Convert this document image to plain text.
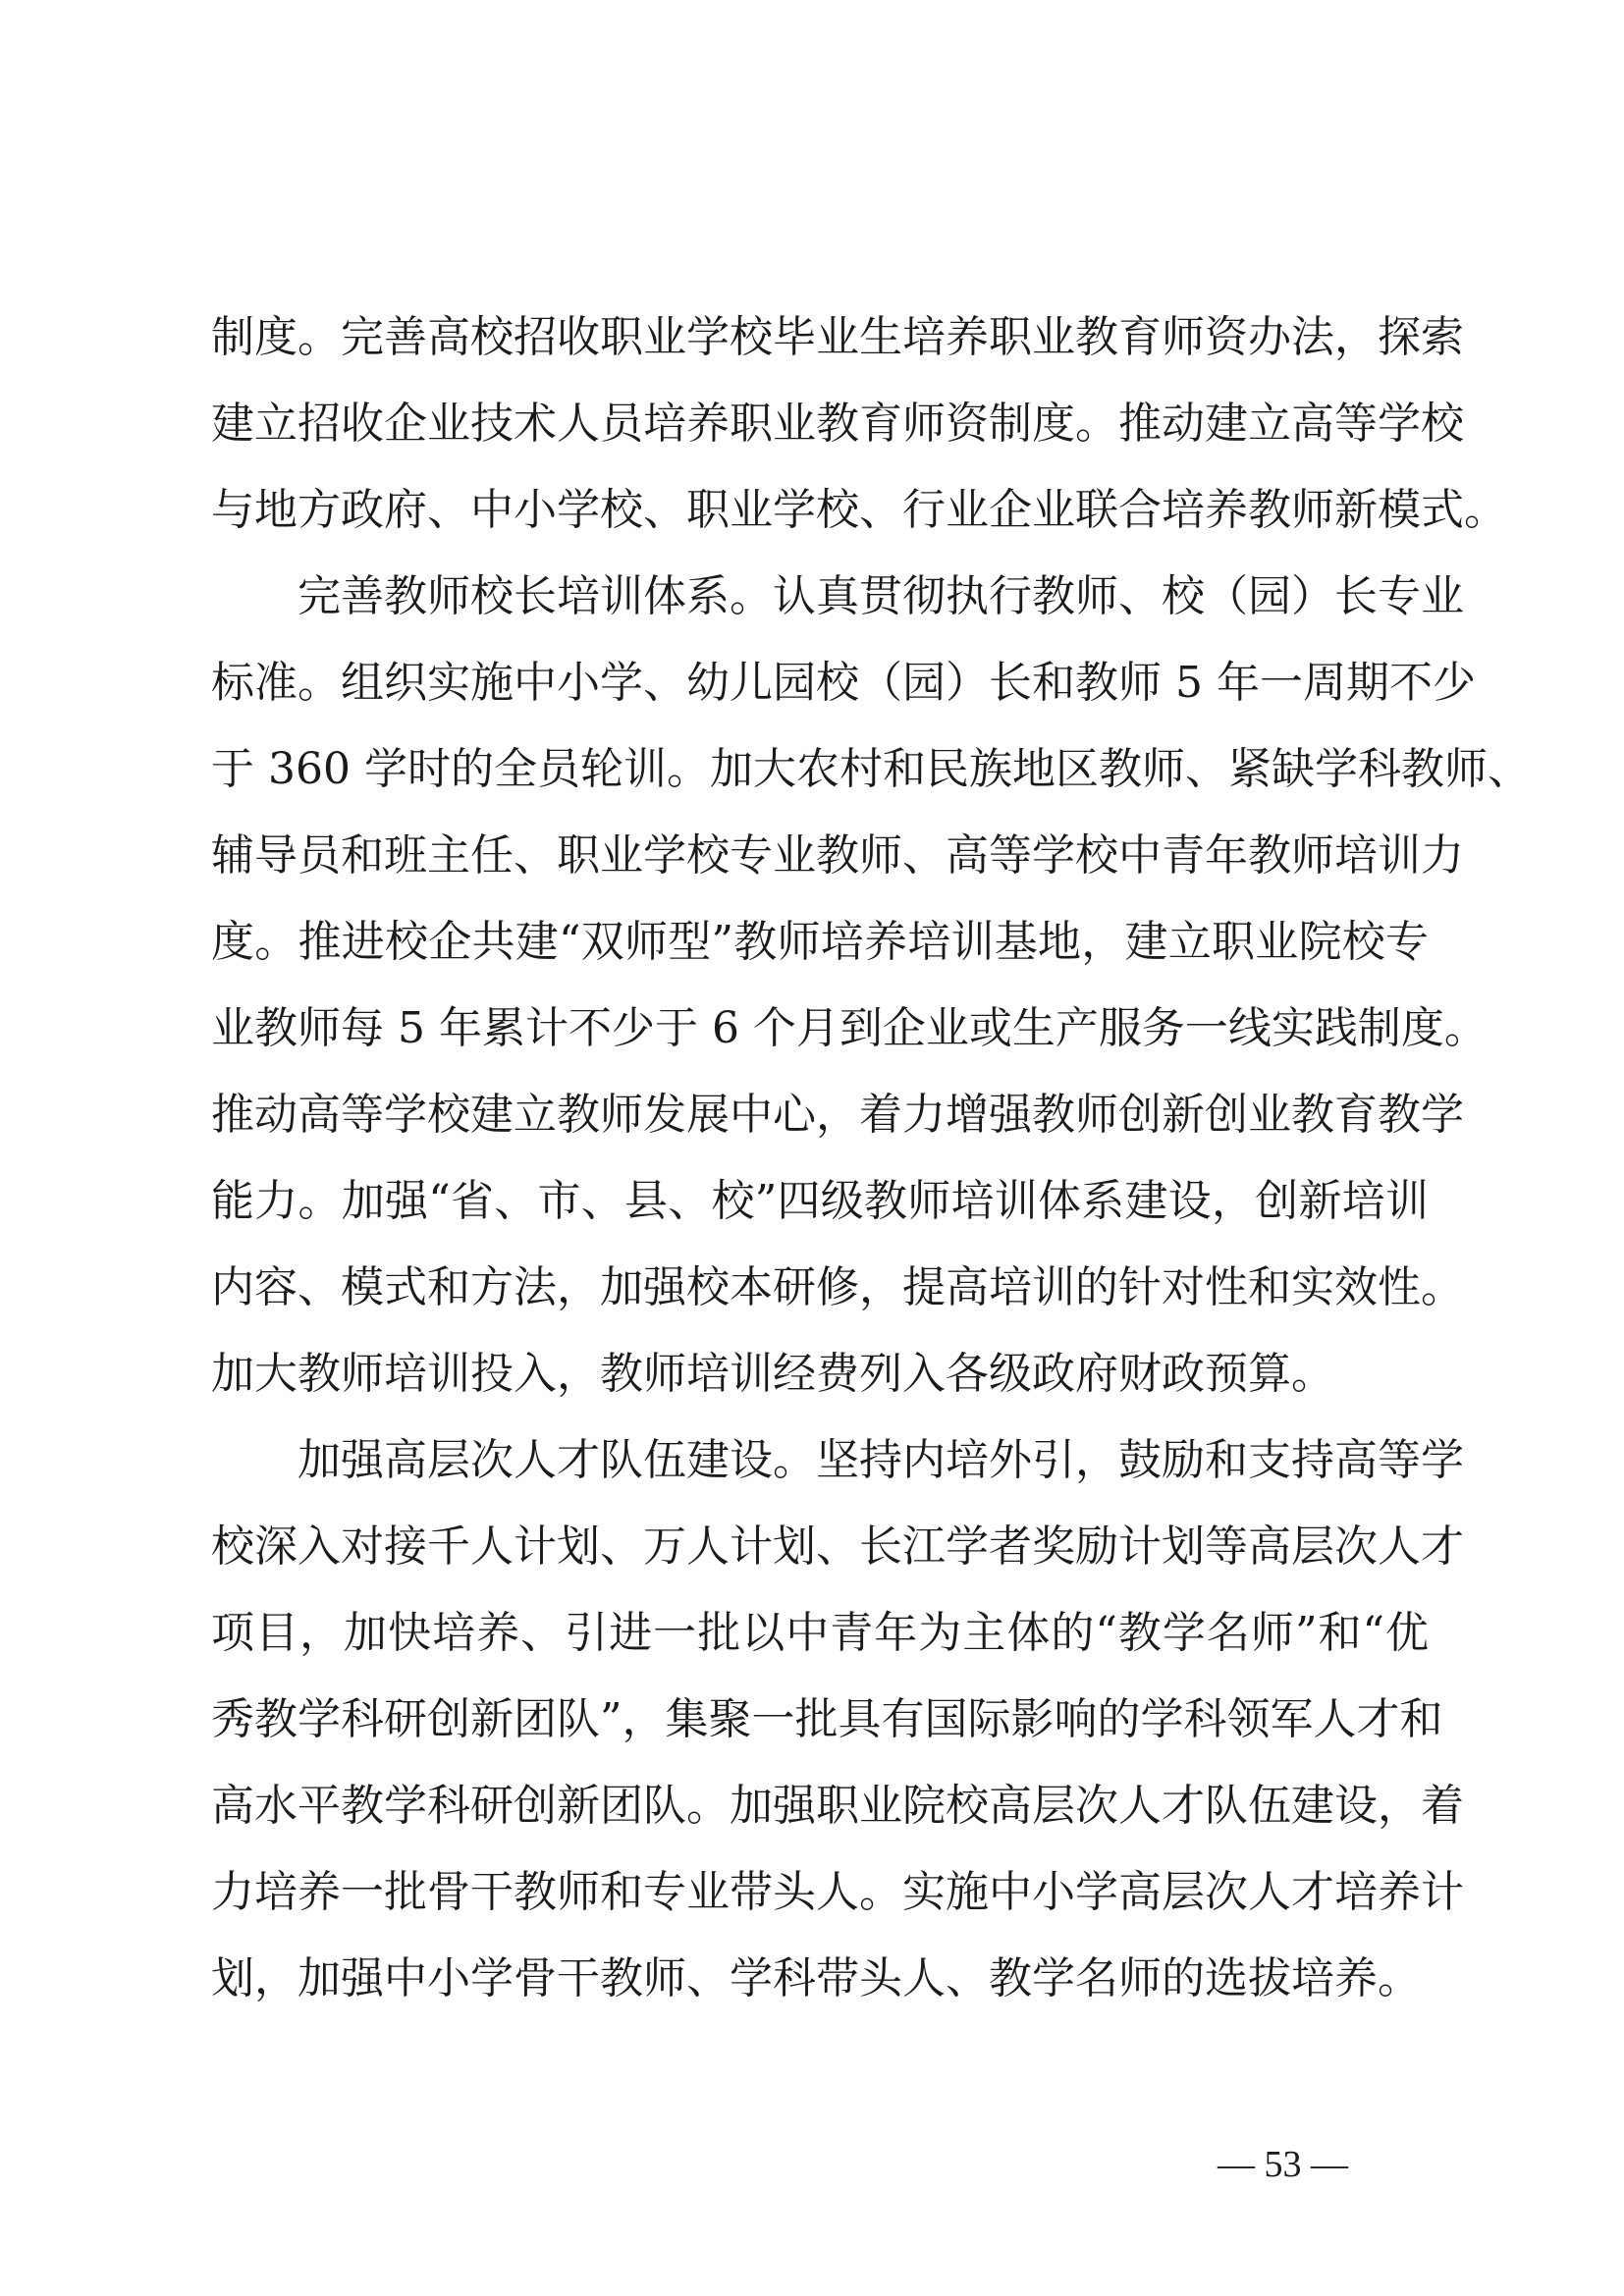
制度。完善高校招收职业学校毕业生培养职业教育师资办法，探索
建立招收企业技术人员培养职业教育师资制度。推动建立高等学校
与地方政府、中小学校、职业学校、行业企业联合培养教师新模式。
完善教师校长培训体系。认真贯彻执行教师、校（园）长专业
标准。组织实施中小学、幼儿园校（园）长和教师 5 年一周期不少
于 360 学时的全员轮训。加大农村和民族地区教师、紧缺学科教师、
辅导员和班主任、职业学校专业教师、高等学校中青年教师培训力
度。推进校企共建“双师型”教师培养培训基地，建立职业院校专
业教师每 5 年累计不少于 6 个月到企业或生产服务一线实践制度。
推动高等学校建立教师发展中心，着力增强教师创新创业教育教学
能力。加强“省、市、县、校”四级教师培训体系建设，创新培训
内容、模式和方法，加强校本研修，提高培训的针对性和实效性。
加大教师培训投入，教师培训经费列入各级政府财政预算。
加强高层次人才队伍建设。坚持内培外引，鼓励和支持高等学
校深入对接千人计划、万人计划、长江学者奖励计划等高层次人才
项目，加快培养、引进一批以中青年为主体的“教学名师”和“优
秀教学科研创新团队”，集聚一批具有国际影响的学科领军人才和
高水平教学科研创新团队。加强职业院校高层次人才队伍建设，着
力培养一批骨干教师和专业带头人。实施中小学高层次人才培养计
划，加强中小学骨干教师、学科带头人、教学名师的选拔培养。
— 53 —
